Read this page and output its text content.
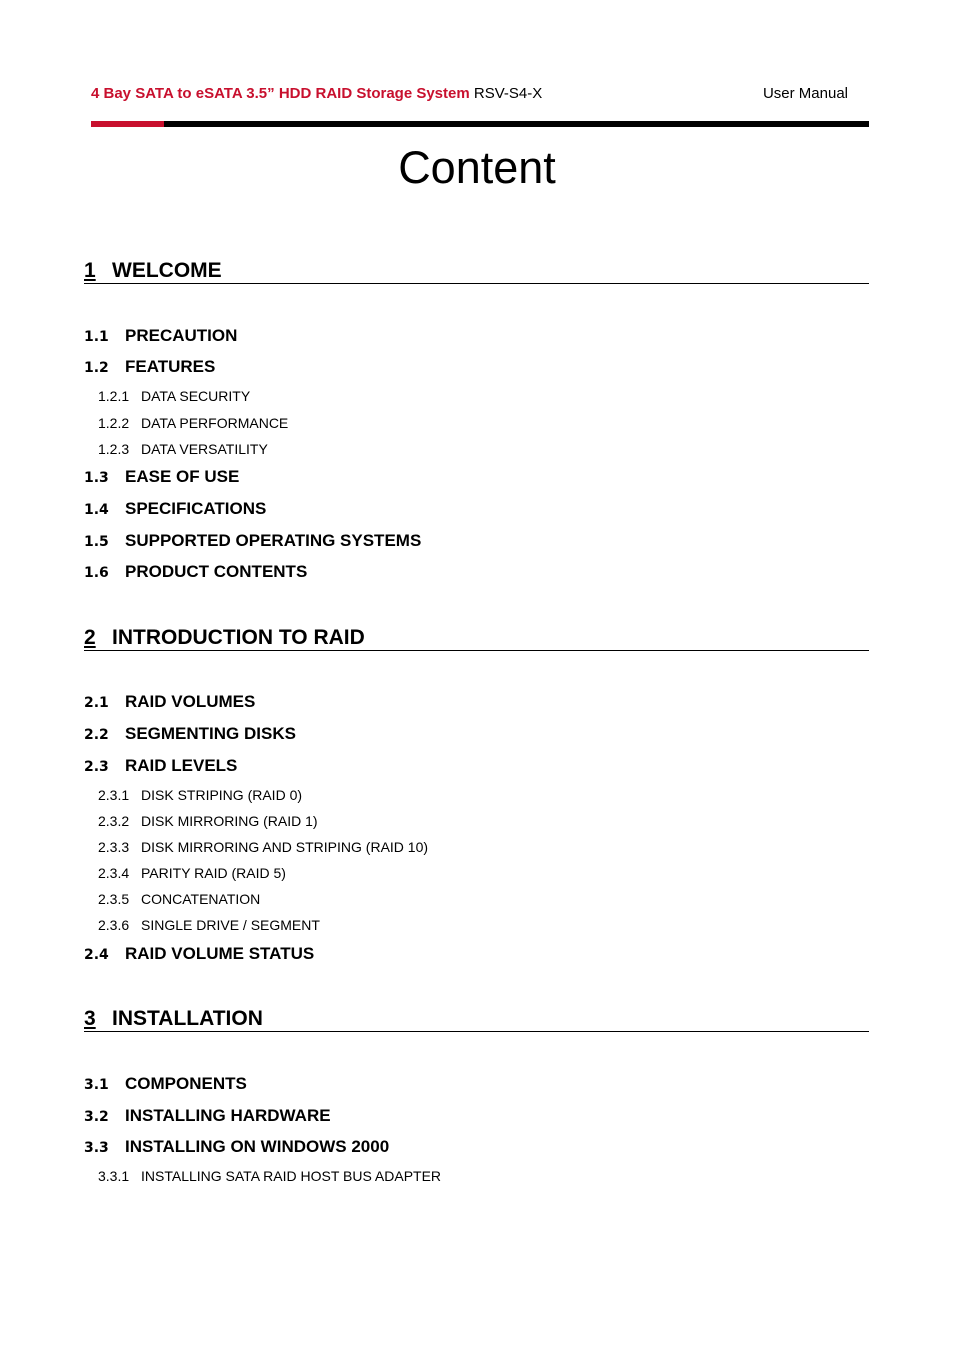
4 Bay SATA to eSATA 3.5” HDD RAID Storage System RSV-S4-X	User Manual
Content
1 WELCOME
1.1 PRECAUTION
1.2 FEATURES
1.2.1 DATA SECURITY
1.2.2 DATA PERFORMANCE
1.2.3 DATA VERSATILITY
1.3 EASE OF USE
1.4 SPECIFICATIONS
1.5 SUPPORTED OPERATING SYSTEMS
1.6 PRODUCT CONTENTS
2 INTRODUCTION TO RAID
2.1 RAID VOLUMES
2.2 SEGMENTING DISKS
2.3 RAID LEVELS
2.3.1 DISK STRIPING (RAID 0)
2.3.2 DISK MIRRORING (RAID 1)
2.3.3 DISK MIRRORING AND STRIPING (RAID 10)
2.3.4 PARITY RAID (RAID 5)
2.3.5 CONCATENATION
2.3.6 SINGLE DRIVE / SEGMENT
2.4 RAID VOLUME STATUS
3 INSTALLATION
3.1 COMPONENTS
3.2 INSTALLING HARDWARE
3.3 INSTALLING ON WINDOWS 2000
3.3.1 INSTALLING SATA RAID HOST BUS ADAPTER
